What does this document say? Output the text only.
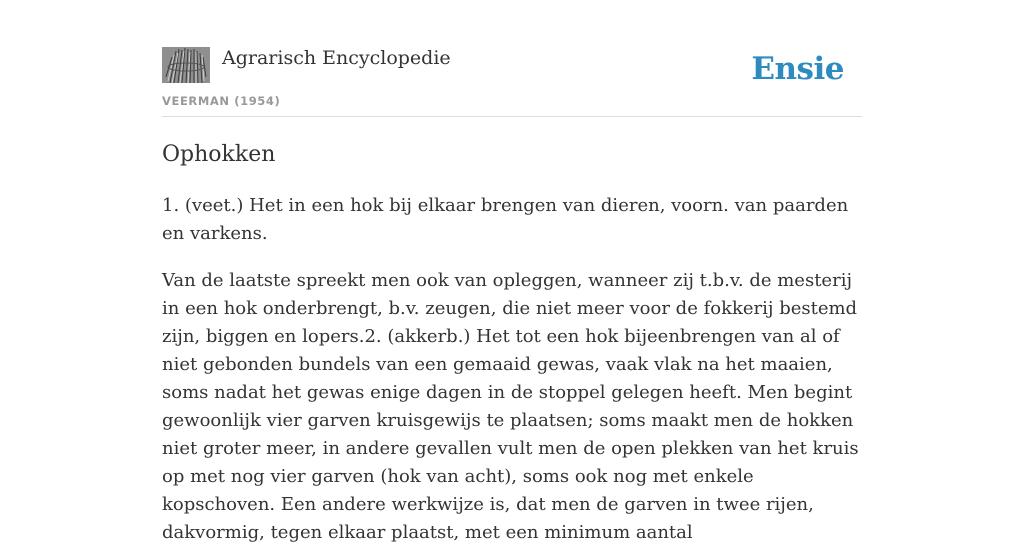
Agrarisch Encyclopedie
VEERMAN (1954)
Ensie
Ophokken

1. (veet.) Het in een hok bij elkaar brengen van dieren, voorn. van paarden en varkens.

Van de laatste spreekt men ook van opleggen, wanneer zij t.b.v. de mesterij in een hok onderbrengt, b.v. zeugen, die niet meer voor de fokkerij bestemd zijn, biggen en lopers.2. (akkerb.) Het tot een hok bijeenbrengen van al of niet gebonden bundels van een gemaaid gewas, vaak vlak na het maaien, soms nadat het gewas enige dagen in de stoppel gelegen heeft. Men begint gewoonlijk vier garven kruisgewijs te plaatsen; soms maakt men de hokken niet groter meer, in andere gevallen vult men de open plekken van het kruis op met nog vier garven (hok van acht), soms ook nog met enkele kopschoven. Een andere werkwijze is, dat men de garven in twee rijen, dakvormig, tegen elkaar plaatst, met een minimum aantal
